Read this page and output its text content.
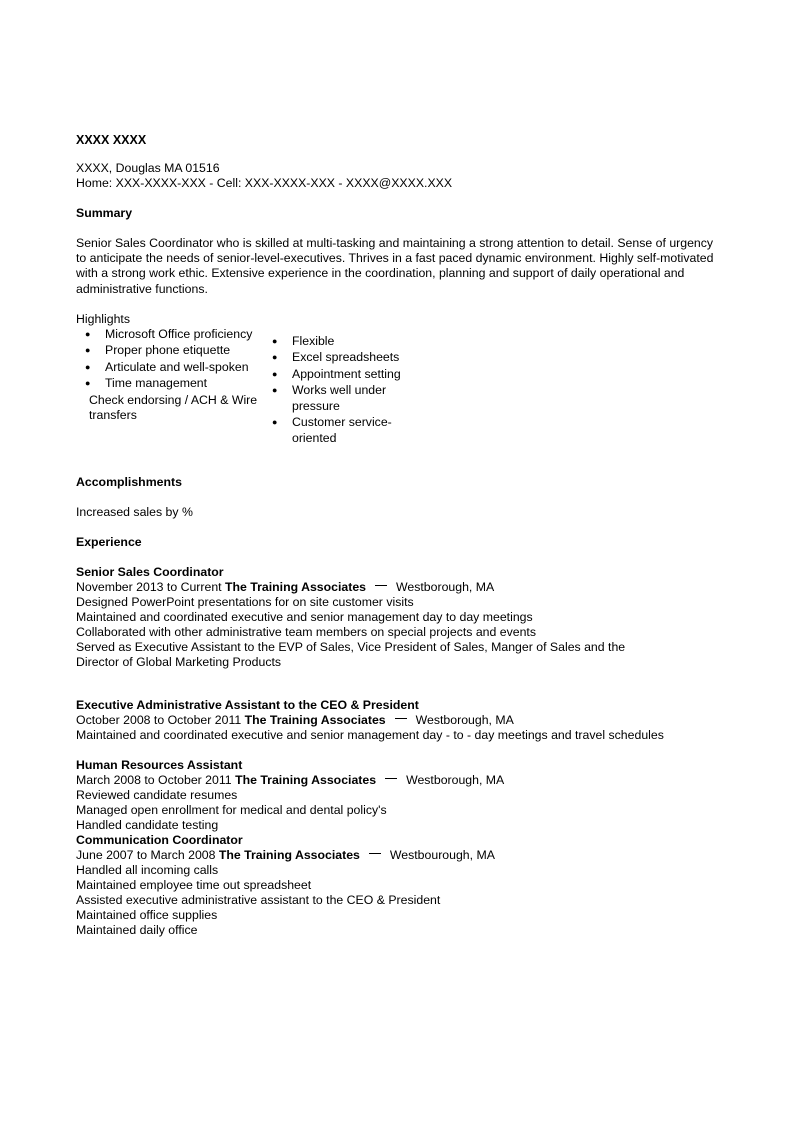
XXXX XXXX
XXXX, Douglas MA 01516
Home: XXX-XXXX-XXX - Cell: XXX-XXXX-XXX - XXXX@XXXX.XXX
Summary
Senior Sales Coordinator who is skilled at multi-tasking and maintaining a strong attention to detail. Sense of urgency to anticipate the needs of senior-level-executives. Thrives in a fast paced dynamic environment. Highly self-motivated with a strong work ethic. Extensive experience in the coordination, planning and support of daily operational and administrative functions.
Highlights
● Microsoft Office proficiency
● Proper phone etiquette
● Articulate and well-spoken
● Time management
Check endorsing / ACH & Wire transfers
● Flexible
● Excel spreadsheets
● Appointment setting
● Works well under pressure
● Customer service-oriented
Accomplishments
Increased sales by %
Experience
Senior Sales Coordinator
November 2013 to Current The Training Associates Westborough, MA
Designed PowerPoint presentations for on site customer visits
Maintained and coordinated executive and senior management day to day meetings
Collaborated with other administrative team members on special projects and events
Served as Executive Assistant to the EVP of Sales, Vice President of Sales, Manger of Sales and the
Director of Global Marketing Products
Executive Administrative Assistant to the CEO & President
October 2008 to October 2011 The Training Associates Westborough, MA
Maintained and coordinated executive and senior management day - to - day meetings and travel schedules
Human Resources Assistant
March 2008 to October 2011 The Training Associates Westborough, MA
Reviewed candidate resumes
Managed open enrollment for medical and dental policy's
Handled candidate testing
Communication Coordinator
June 2007 to March 2008 The Training Associates Westbourough, MA
Handled all incoming calls
Maintained employee time out spreadsheet
Assisted executive administrative assistant to the CEO & President
Maintained office supplies
Maintained daily office
